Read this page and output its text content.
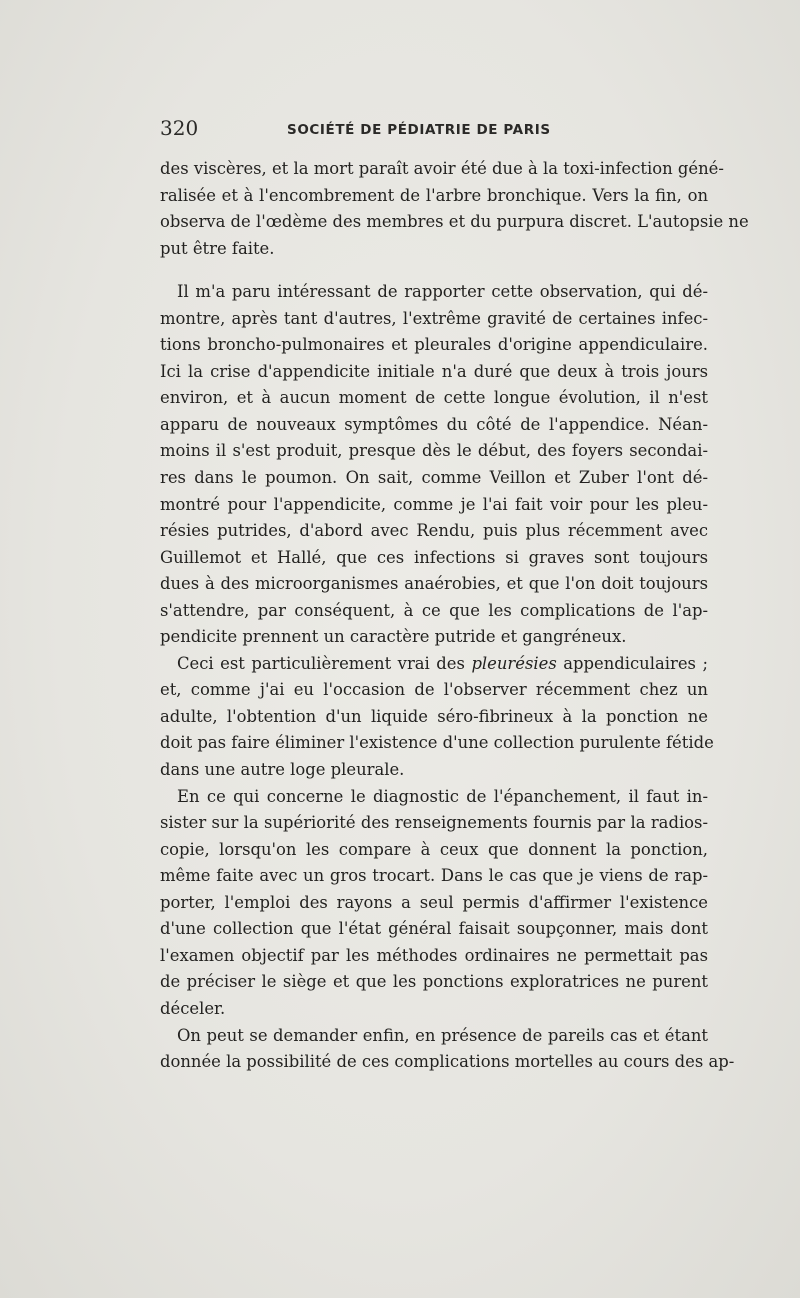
320	SOCIÉTÉ DE PÉDIATRIE DE PARIS
des viscères, et la mort paraît avoir été due à la toxi-infection géné-
ralisée et à l'encombrement de l'arbre bronchique. Vers la fin, on
observa de l'œdème des membres et du purpura discret. L'autopsie ne
put être faite.
Il m'a paru intéressant de rapporter cette observation, qui dé-
montre, après tant d'autres, l'extrême gravité de certaines infec-
tions broncho-pulmonaires et pleurales d'origine appendiculaire.
Ici la crise d'appendicite initiale n'a duré que deux à trois jours
environ, et à aucun moment de cette longue évolution, il n'est
apparu de nouveaux symptômes du côté de l'appendice. Néan-
moins il s'est produit, presque dès le début, des foyers secondai-
res dans le poumon. On sait, comme Veillon et Zuber l'ont dé-
montré pour l'appendicite, comme je l'ai fait voir pour les pleu-
résies putrides, d'abord avec Rendu, puis plus récemment avec
Guillemot et Hallé, que ces infections si graves sont toujours
dues à des microorganismes anaérobies, et que l'on doit toujours
s'attendre, par conséquent, à ce que les complications de l'ap-
pendicite prennent un caractère putride et gangréneux.
Ceci est particulièrement vrai des pleurésies appendiculaires ;
et, comme j'ai eu l'occasion de l'observer récemment chez un
adulte, l'obtention d'un liquide séro-fibrineux à la ponction ne
doit pas faire éliminer l'existence d'une collection purulente fétide
dans une autre loge pleurale.
En ce qui concerne le diagnostic de l'épanchement, il faut in-
sister sur la supériorité des renseignements fournis par la radios-
copie, lorsqu'on les compare à ceux que donnent la ponction,
même faite avec un gros trocart. Dans le cas que je viens de rap-
porter, l'emploi des rayons a seul permis d'affirmer l'existence
d'une collection que l'état général faisait soupçonner, mais dont
l'examen objectif par les méthodes ordinaires ne permettait pas
de préciser le siège et que les ponctions exploratrices ne purent
déceler.
On peut se demander enfin, en présence de pareils cas et étant
donnée la possibilité de ces complications mortelles au cours des ap-
